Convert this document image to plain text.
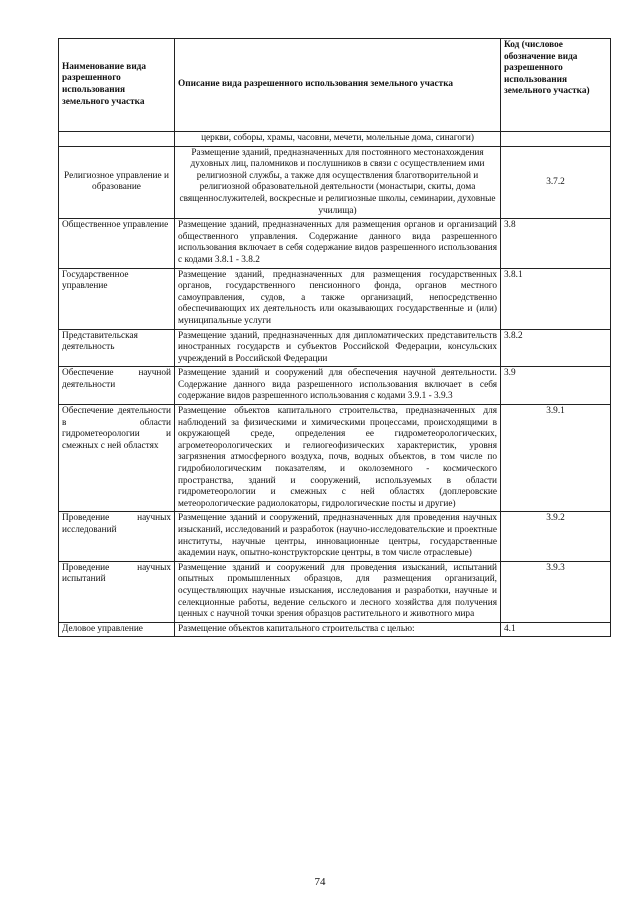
Наименование вида разрешенного использования земельного участка	Описание вида разрешенного использования земельного участка	Код (числовое обозначение вида разрешенного использования земельного участка)
	церкви, соборы, храмы, часовни, мечети, молельные дома, синагоги)	
Религиозное управление и образование	Размещение зданий, предназначенных для постоянного местонахождения духовных лиц, паломников и послушников в связи с осуществлением ими религиозной службы, а также для осуществления благотворительной и религиозной образовательной деятельности (монастыри, скиты, дома священнослужителей, воскресные и религиозные школы, семинарии, духовные училища)	3.7.2
Общественное управление	Размещение зданий, предназначенных для размещения органов и организаций общественного управления. Содержание данного вида разрешенного использования включает в себя содержание видов разрешенного использования с кодами 3.8.1 - 3.8.2	3.8
Государственное управление	Размещение зданий, предназначенных для размещения государственных органов, государственного пенсионного фонда, органов местного самоуправления, судов, а также организаций, непосредственно обеспечивающих их деятельность или оказывающих государственные и (или) муниципальные услуги	3.8.1
Представительская деятельность	Размещение зданий, предназначенных для дипломатических представительств иностранных государств и субъектов Российской Федерации, консульских учреждений в Российской Федерации	3.8.2
Обеспечение научной деятельности	Размещение зданий и сооружений для обеспечения научной деятельности. Содержание данного вида разрешенного использования включает в себя содержание видов разрешенного использования с кодами 3.9.1 - 3.9.3	3.9
Обеспечение деятельности в области гидрометеорологии и смежных с ней областях	Размещение объектов капитального строительства, предназначенных для наблюдений за физическими и химическими процессами, происходящими в окружающей среде, определения ее гидрометеорологических, агрометеорологических и гелиогеофизических характеристик, уровня загрязнения атмосферного воздуха, почв, водных объектов, в том числе по гидробиологическим показателям, и околоземного - космического пространства, зданий и сооружений, используемых в области гидрометеорологии и смежных с ней областях (доплеровские метеорологические радиолокаторы, гидрологические посты и другие)	3.9.1
Проведение научных исследований	Размещение зданий и сооружений, предназначенных для проведения научных изысканий, исследований и разработок (научно-исследовательские и проектные институты, научные центры, инновационные центры, государственные академии наук, опытно-конструкторские центры, в том числе отраслевые)	3.9.2
Проведение научных испытаний	Размещение зданий и сооружений для проведения изысканий, испытаний опытных промышленных образцов, для размещения организаций, осуществляющих научные изыскания, исследования и разработки, научные и селекционные работы, ведение сельского и лесного хозяйства для получения ценных с научной точки зрения образцов растительного и животного мира	3.9.3
Деловое управление	Размещение объектов капитального строительства с целью:	4.1
74
